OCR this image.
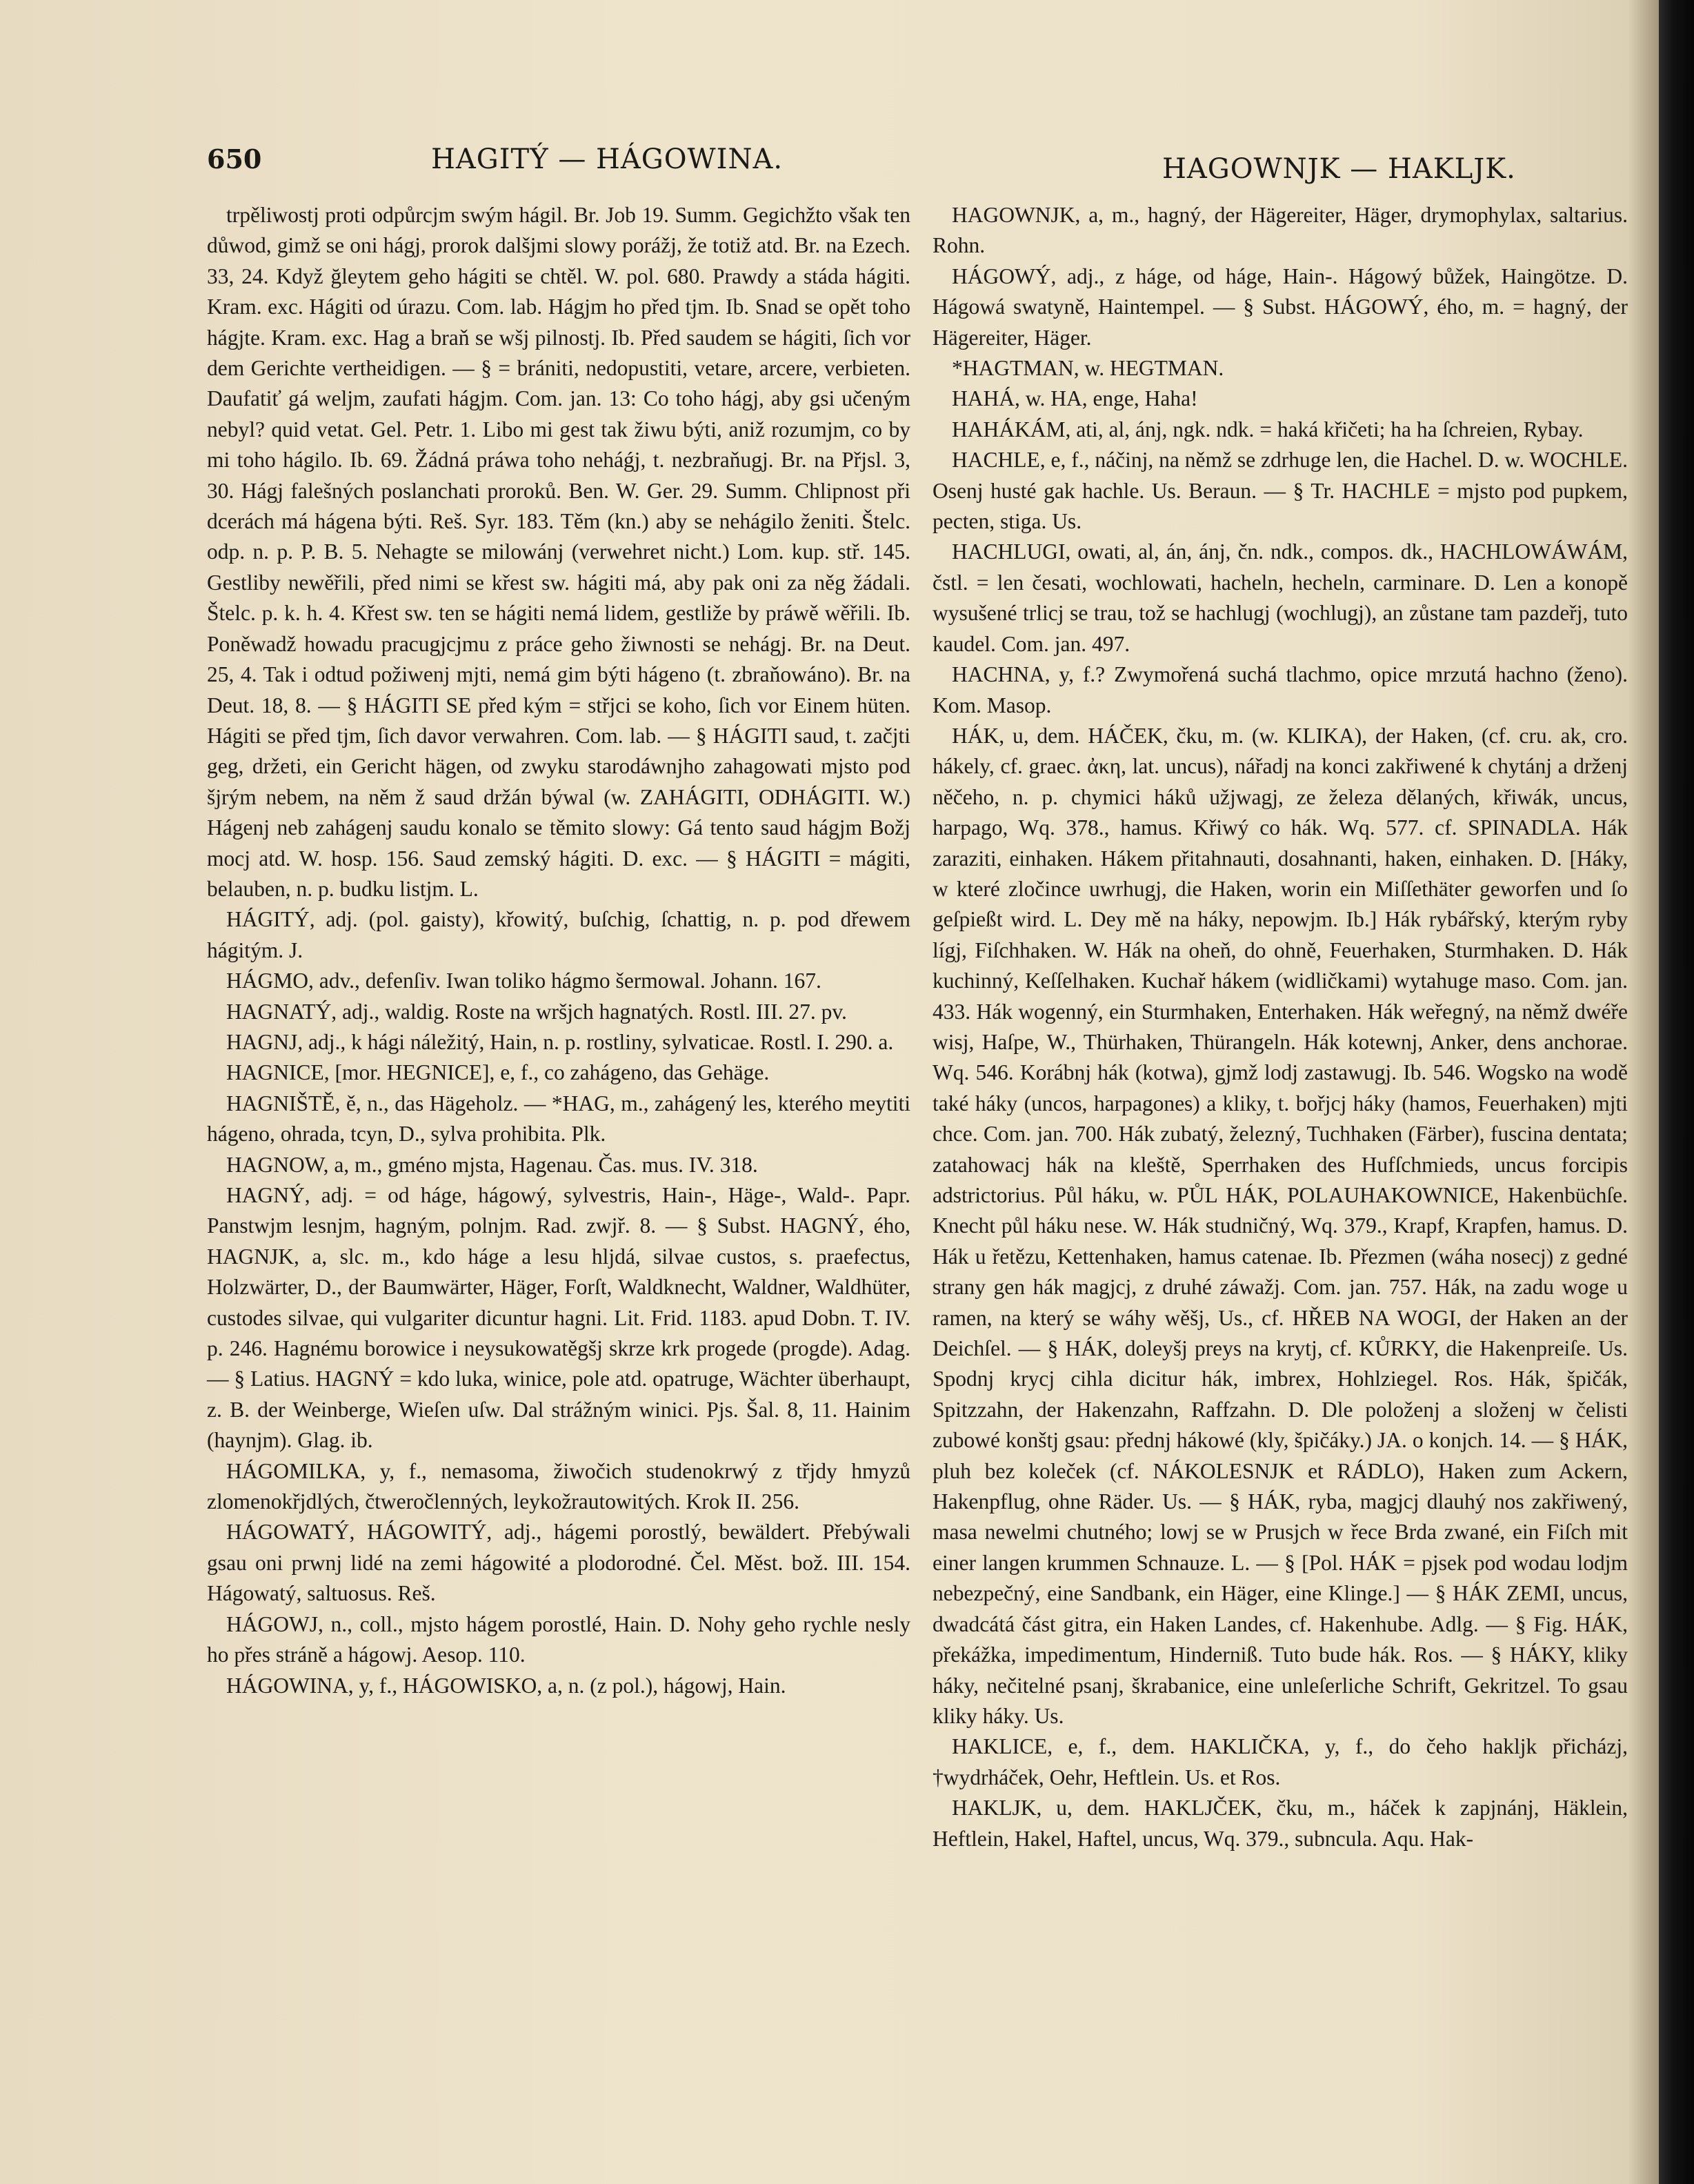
650	HAGITÝ — HÁGOWINA.	HAGOWNJK — HAKLJK.

trpěliwostj proti odpůrcjm swým hágil. Br. Job 19. Summ. Gegichžto však ten důwod, gimž se oni hágj, prorok dalšjmi slowy porážj, že totiž atd. Br. na Ezech. 33, 24. Když ğleytem geho hágiti se chtěl. W. pol. 680. Prawdy a stáda hágiti. Kram. exc. Hágiti od úrazu. Com. lab. Hágjm ho před tjm. Ib. Snad se opět toho hágjte. Kram. exc. Hag a braň se wšj pilnostj. Ib. Před saudem se hágiti, ſich vor dem Gerichte vertheidigen. — § = brániti, nedopustiti, vetare, arcere, verbieten. Daufatiť gá weljm, zaufati hágjm. Com. jan. 13: Co toho hágj, aby gsi učeným nebyl? quid vetat. Gel. Petr. 1. Libo mi gest tak žiwu býti, aniž rozumjm, co by mi toho hágilo. Ib. 69. Žádná práwa toho neháǵj, t. nezbraňugj. Br. na Přjsl. 3, 30. Hágj falešných poslanchati proroků. Ben. W. Ger. 29. Summ. Chlipnost při dcerách má hágena býti. Reš. Syr. 183. Těm (kn.) aby se nehágilo ženiti. Štelc. odp. n. p. P. B. 5. Nehagte se milowánj (verwehret nicht.) Lom. kup. stř. 145. Gestliby newěřili, před nimi se křest sw. hágiti má, aby pak oni za něg žádali. Štelc. p. k. h. 4. Křest sw. ten se hágiti nemá lidem, gestliže by práwě wěřili. Ib. Poněwadž howadu pracugjcjmu z práce geho žiwnosti se nehágj. Br. na Deut. 25, 4. Tak i odtud požiwenj mjti, nemá gim býti hágeno (t. zbraňowáno). Br. na Deut. 18, 8. — § HÁGITI SE před kým = střjci se koho, ſich vor Einem hüten. Hágiti se před tjm, ſich davor verwahren. Com. lab. — § HÁGITI saud, t. začjti geg, držeti, ein Gericht hägen, od zwyku starodáwnjho zahagowati mjsto pod šjrým nebem, na něm ž saud držán býwal (w. ZAHÁGITI, ODHÁGITI. W.) Hágenj neb zahágenj saudu konalo se těmito slowy: Gá tento saud hágjm Božj mocj atd. W. hosp. 156. Saud zemský hágiti. D. exc. — § HÁGITI = mágiti, belauben, n. p. budku listjm. L.

HÁGITÝ, adj. (pol. gaisty), křowitý, buſchig, ſchattig, n. p. pod dřewem hágitým. J.

HÁGMO, adv., defenſiv. Iwan toliko hágmo šermowal. Johann. 167.

HAGNATÝ, adj., waldig. Roste na wršjch hagnatých. Rostl. III. 27. pv.

HAGNJ, adj., k hági náležitý, Hain, n. p. rostliny, sylvaticae. Rostl. I. 290. a.

HAGNICE, [mor. HEGNICE], e, f., co zahágeno, das Gehäge.

HAGNIŠTĚ, ě, n., das Hägeholz. — *HAG, m., zahágený les, kterého meytiti hágeno, ohrada, tcyn, D., sylva prohibita. Plk.

HAGNOW, a, m., gméno mjsta, Hagenau. Čas. mus. IV. 318.

HAGNÝ, adj. = od háge, hágowý, sylvestris, Hain-, Häge-, Wald-. Papr. Panstwjm lesnjm, hagným, polnjm. Rad. zwjř. 8. — § Subst. HAGNÝ, ého, HAGNJK, a, slc. m., kdo háge a lesu hljdá, silvae custos, s. praefectus, Holzwärter, D., der Baumwärter, Häger, Forſt, Waldknecht, Waldner, Waldhüter, custodes silvae, qui vulgariter dicuntur hagni. Lit. Frid. 1183. apud Dobn. T. IV. p. 246. Hagnému borowice i neysukowatěgšj skrze krk progede (progde). Adag. — § Latius. HAGNÝ = kdo luka, winice, pole atd. opatruge, Wächter überhaupt, z. B. der Weinberge, Wieſen uſw. Dal strážným winici. Pjs. Šal. 8, 11. Hainim (haynjm). Glag. ib.

HÁGOMILKA, y, f., nemasoma, žiwočich studenokrwý z třjdy hmyzů zlomenokřjdlých, čtweročlenných, leykožrautowitých. Krok II. 256.

HÁGOWATÝ, HÁGOWITÝ, adj., hágemi porostlý, bewäldert. Přebýwali gsau oni prwnj lidé na zemi hágowité a plodorodné. Čel. Měst. bož. III. 154. Hágowatý, saltuosus. Reš.

HÁGOWJ, n., coll., mjsto hágem porostlé, Hain. D. Nohy geho rychle nesly ho přes stráně a hágowj. Aesop. 110.

HÁGOWINA, y, f., HÁGOWISKO, a, n. (z pol.), hágowj, Hain.

HAGOWNJK, a, m., hagný, der Hägereiter, Häger, drymophylax, saltarius. Rohn.

HÁGOWÝ, adj., z háge, od háge, Hain-. Hágowý bůžek, Haingötze. D. Hágowá swatyně, Haintempel. — § Subst. HÁGOWÝ, ého, m. = hagný, der Hägereiter, Häger.

*HAGTMAN, w. HEGTMAN.

HAHÁ, w. HA, enge, Haha!

HAHÁKÁM, ati, al, ánj, ngk. ndk. = haká křičeti; ha ha ſchreien, Rybay.

HACHLE, e, f., náčinj, na němž se zdrhuge len, die Hachel. D. w. WOCHLE. Osenj husté gak hachle. Us. Beraun. — § Tr. HACHLE = mjsto pod pupkem, pecten, stiga. Us.

HACHLUGI, owati, al, án, ánj, čn. ndk., compos. dk., HACHLOWÁWÁM, čstl. = len česati, wochlowati, hacheln, hecheln, carminare. D. Len a konopě wysušené trlicj se trau, tož se hachlugj (wochlugj), an zůstane tam pazdeřj, tuto kaudel. Com. jan. 497.

HACHNA, y, f.? Zwymořená suchá tlachmo, opice mrzutá hachno (ženo). Kom. Masop.

HÁK, u, dem. HÁČEK, čku, m. (w. KLIKA), der Haken, (cf. cru. ak, cro. hákely, cf. graec. ἀκη, lat. uncus), nářadj na konci zakřiwené k chytánj a drženj něčeho, n. p. chymici háků užjwagj, ze železa dělaných, křiwák, uncus, harpago, Wq. 378., hamus. Křiwý co hák. Wq. 577. cf. SPINADLA. Hák zaraziti, einhaken. Hákem přitahnauti, dosahnanti, haken, einhaken. D. [Háky, w které zločince uwrhugj, die Haken, worin ein Miſſethäter geworfen und ſo geſpießt wird. L. Dey mě na háky, nepowjm. Ib.] Hák rybářský, kterým ryby lígj, Fiſchhaken. W. Hák na oheň, do ohně, Feuerhaken, Sturmhaken. D. Hák kuchinný, Keſſelhaken. Kuchař hákem (widličkami) wytahuge maso. Com. jan. 433. Hák wogenný, ein Sturmhaken, Enterhaken. Hák weřegný, na němž dwéře wisj, Haſpe, W., Thürhaken, Thürangeln. Hák kotewnj, Anker, dens anchorae. Wq. 546. Korábnj hák (kotwa), gjmž lodj zastawugj. Ib. 546. Wogsko na wodě také háky (uncos, harpagones) a kliky, t. bořjcj háky (hamos, Feuerhaken) mjti chce. Com. jan. 700. Hák zubatý, železný, Tuchhaken (Färber), fuscina dentata; zatahowacj hák na kleště, Sperrhaken des Hufſchmieds, uncus forcipis adstrictorius. Půl háku, w. PŮL HÁK, POLAUHAKOWNICE, Hakenbüchſe. Knecht půl háku nese. W. Hák studničný, Wq. 379., Krapf, Krapfen, hamus. D. Hák u řetězu, Kettenhaken, hamus catenae. Ib. Přezmen (wáha nosecj) z gedné strany gen hák magjcj, z druhé záwažj. Com. jan. 757. Hák, na zadu woge u ramen, na který se wáhy wěšj, Us., cf. HŘEB NA WOGI, der Haken an der Deichſel. — § HÁK, doleyšj preys na krytj, cf. KŮRKY, die Hakenpreiſe. Us. Spodnj krycj cihla dicitur hák, imbrex, Hohlziegel. Ros. Hák, špičák, Spitzzahn, der Hakenzahn, Raffzahn. D. Dle položenj a složenj w čelisti zubowé konštj gsau: přednj hákowé (kly, špičáky.) JA. o konjch. 14. — § HÁK, pluh bez koleček (cf. NÁKOLESNJK et RÁDLO), Haken zum Ackern, Hakenpflug, ohne Räder. Us. — § HÁK, ryba, magjcj dlauhý nos zakřiwený, masa newelmi chutného; lowj se w Prusjch w řece Brda zwané, ein Fiſch mit einer langen krummen Schnauze. L. — § [Pol. HÁK = pjsek pod wodau lodjm nebezpečný, eine Sandbank, ein Häger, eine Klinge.] — § HÁK ZEMI, uncus, dwadcátá část gitra, ein Haken Landes, cf. Hakenhube. Adlg. — § Fig. HÁK, překážka, impedimentum, Hinderniß. Tuto bude hák. Ros. — § HÁKY, kliky háky, nečitelné psanj, škrabanice, eine unleſerliche Schrift, Gekritzel. To gsau kliky háky. Us.

HAKLICE, e, f., dem. HAKLIČKA, y, f., do čeho hakljk přicházj, †wydrháček, Oehr, Heftlein. Us. et Ros.

HAKLJK, u, dem. HAKLJČEK, čku, m., háček k zapjnánj, Häklein, Heftlein, Hakel, Haftel, uncus, Wq. 379., subncula. Aqu. Hak-
